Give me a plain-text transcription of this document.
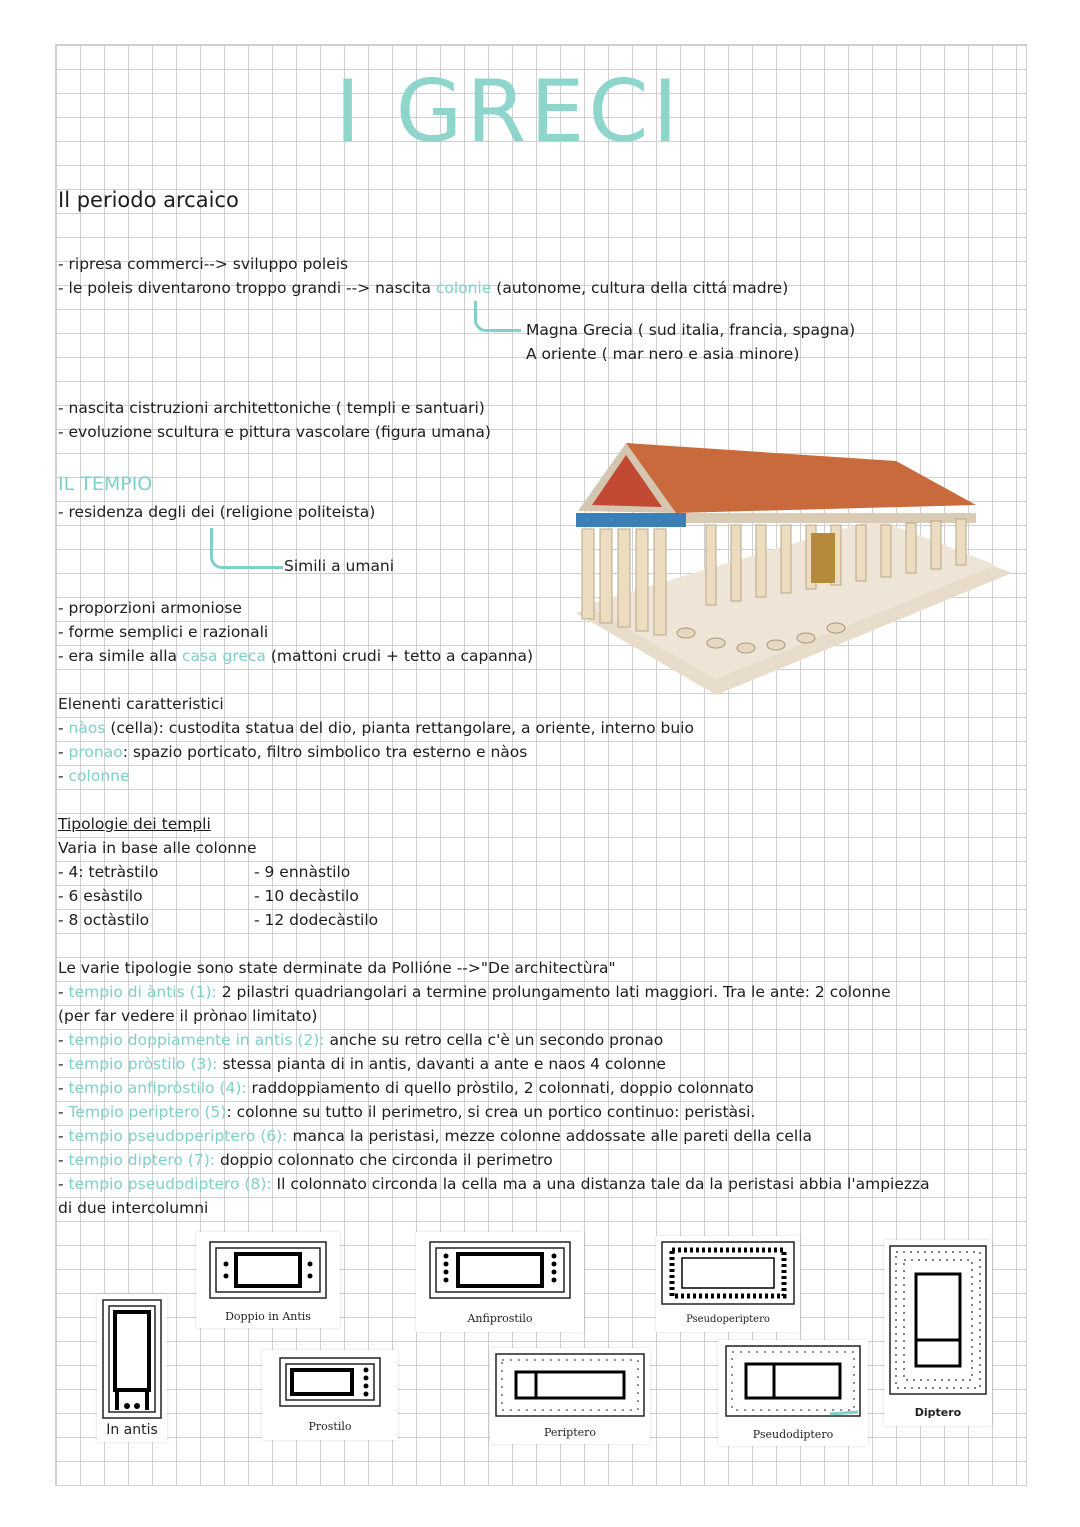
I GRECI
Il periodo arcaico
- ripresa commerci--> sviluppo poleis
- le poleis diventarono troppo grandi --> nascita colonie (autonome, cultura della cittá madre)
Magna Grecia ( sud italia, francia, spagna)
A oriente ( mar nero e asia minore)
- nascita cistruzioni architettoniche ( templi e santuari)
- evoluzione scultura e pittura vascolare (figura umana)
IL TEMPIO
- residenza degli dei (religione politeista)
Simili a umani
- proporzioni armoniose
- forme semplici e razionali
- era simile alla casa greca (mattoni crudi + tetto a capanna)
Elenenti caratteristici
- nàos (cella): custodita statua del dio, pianta rettangolare, a oriente, interno buio
- pronao: spazio porticato, filtro simbolico tra esterno e nàos
- colonne
Tipologie dei templi
Varia in base alle colonne
- 4: tetràstilo
- 6 esàstilo
- 8 octàstilo
- 9 ennàstilo
- 10 decàstilo
- 12 dodecàstilo
Le varie tipologie sono state derminate da Pollióne -->"De architectùra"
- tempio di àntis (1): 2 pilastri quadriangolari a termine prolungamento lati maggiori. Tra le ante: 2 colonne
(per far vedere il prònao limitato)
- tempio doppiamente in antis (2): anche su retro cella c'è un secondo pronao
- tempio pròstilo (3): stessa pianta di in antis, davanti a ante e naos 4 colonne
- tempio anfipròstilo (4): raddoppiamento di quello pròstilo, 2 colonnati, doppio colonnato
- Tempio periptero (5): colonne su tutto il perimetro, si crea un portico continuo: peristàsi.
- tempio pseudoperiptero (6): manca la peristasi, mezze colonne addossate alle pareti della cella
- tempio diptero (7): doppio colonnato che circonda il perimetro
- tempio pseudodiptero (8): Il colonnato circonda la cella ma a una distanza tale da la peristasi abbia l'ampiezza
di due intercolumni
In antis
Doppio in Antis
Prostilo
Anfiprostilo
Periptero
Pseudoperiptero
Pseudodiptero
Diptero
